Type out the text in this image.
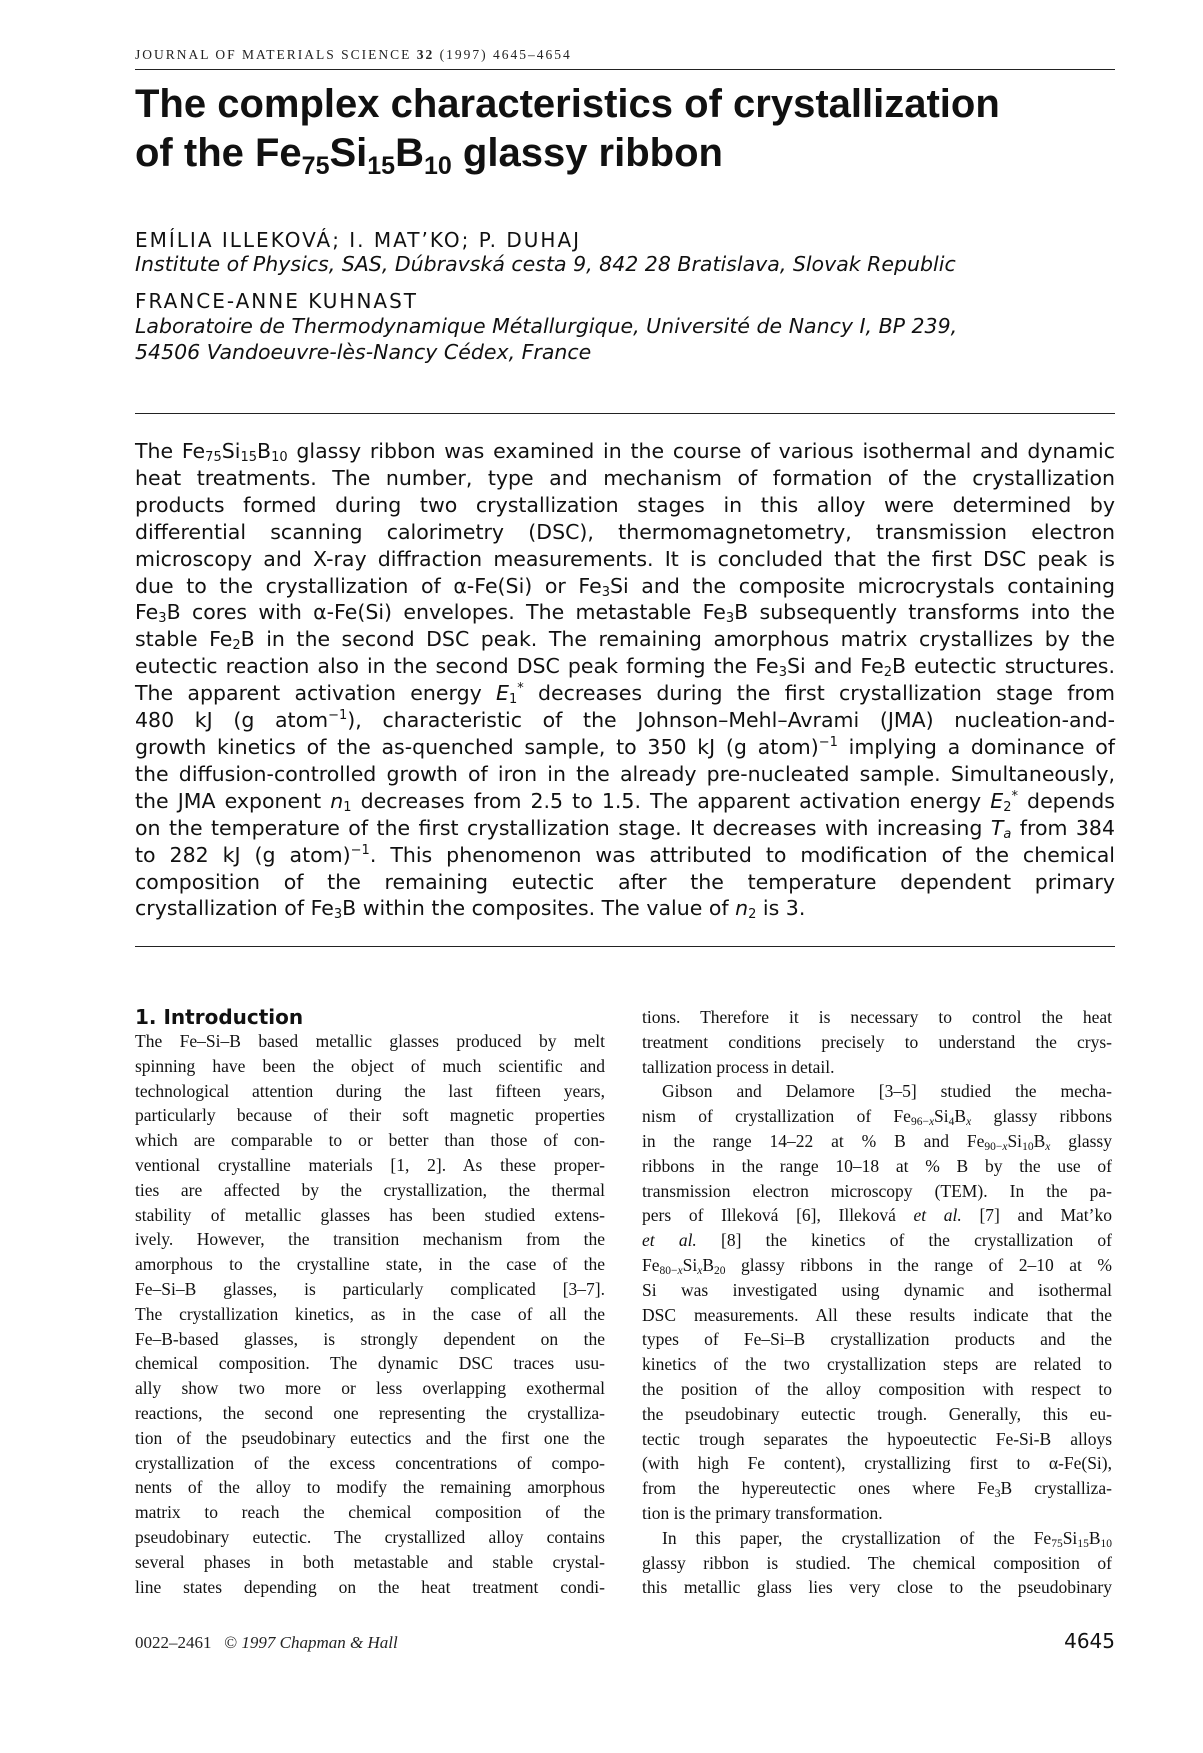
JOURNAL OF MATERIALS SCIENCE 32 (1997) 4645–4654
The complex characteristics of crystallization
of the $Fe_{75}Si_{15}B_{10}$ glassy ribbon
EMÍLIA ILLEKOVÁ; I. MAT’KO; P. DUHAJ
Institute of Physics, SAS, Dúbravská cesta 9, 842 28 Bratislava, Slovak Republic
FRANCE-ANNE KUHNAST
Laboratoire de Thermodynamique Métallurgique, Université de Nancy I, BP 239,
54506 Vandoeuvre-lès-Nancy Cédex, France
The $Fe_{75}Si_{15}B_{10}$ glassy ribbon was examined in the course of various isothermal and dynamic
heat treatments. The number, type and mechanism of formation of the crystallization
products formed during two crystallization stages in this alloy were determined by
differential scanning calorimetry (DSC), thermomagnetometry, transmission electron
microscopy and X-ray diffraction measurements. It is concluded that the first DSC peak is
due to the crystallization of α-Fe(Si) or $Fe_3Si$ and the composite microcrystals containing
$Fe_3B$ cores with α-Fe(Si) envelopes. The metastable $Fe_3B$ subsequently transforms into the
stable $Fe_2B$ in the second DSC peak. The remaining amorphous matrix crystallizes by the
eutectic reaction also in the second DSC peak forming the $Fe_3Si$ and $Fe_2B$ eutectic structures.
The apparent activation energy $E_1^*$ decreases during the first crystallization stage from
480 kJ (g atom$^{-1}$), characteristic of the Johnson–Mehl–Avrami (JMA) nucleation-and-
growth kinetics of the as-quenched sample, to 350 kJ (g atom)$^{-1}$ implying a dominance of
the diffusion-controlled growth of iron in the already pre-nucleated sample. Simultaneously,
the JMA exponent $n_1$ decreases from 2.5 to 1.5. The apparent activation energy $E_2^*$ depends
on the temperature of the first crystallization stage. It decreases with increasing $T_a$ from 384
to 282 kJ (g atom)$^{-1}$. This phenomenon was attributed to modification of the chemical
composition of the remaining eutectic after the temperature dependent primary
crystallization of $Fe_3B$ within the composites. The value of $n_2$ is 3.
1. Introduction
The Fe–Si–B based metallic glasses produced by melt
spinning have been the object of much scientific and
technological attention during the last fifteen years,
particularly because of their soft magnetic properties
which are comparable to or better than those of con-
ventional crystalline materials [1, 2]. As these proper-
ties are affected by the crystallization, the thermal
stability of metallic glasses has been studied extens-
ively. However, the transition mechanism from the
amorphous to the crystalline state, in the case of the
Fe–Si–B glasses, is particularly complicated [3–7].
The crystallization kinetics, as in the case of all the
Fe–B-based glasses, is strongly dependent on the
chemical composition. The dynamic DSC traces usu-
ally show two more or less overlapping exothermal
reactions, the second one representing the crystalliza-
tion of the pseudobinary eutectics and the first one the
crystallization of the excess concentrations of compo-
nents of the alloy to modify the remaining amorphous
matrix to reach the chemical composition of the
pseudobinary eutectic. The crystallized alloy contains
several phases in both metastable and stable crystal-
line states depending on the heat treatment condi-
tions. Therefore it is necessary to control the heat
treatment conditions precisely to understand the crys-
tallization process in detail.
Gibson and Delamore [3–5] studied the mecha-
nism of crystallization of $Fe_{96-x}Si_4B_x$ glassy ribbons
in the range 14–22 at % B and $Fe_{90-x}Si_{10}B_x$ glassy
ribbons in the range 10–18 at % B by the use of
transmission electron microscopy (TEM). In the pa-
pers of Illeková [6], Illeková et al. [7] and Mat’ko
et al. [8] the kinetics of the crystallization of
$Fe_{80-x}Si_xB_{20}$ glassy ribbons in the range of 2–10 at %
Si was investigated using dynamic and isothermal
DSC measurements. All these results indicate that the
types of Fe–Si–B crystallization products and the
kinetics of the two crystallization steps are related to
the position of the alloy composition with respect to
the pseudobinary eutectic trough. Generally, this eu-
tectic trough separates the hypoeutectic Fe-Si-B alloys
(with high Fe content), crystallizing first to α-Fe(Si),
from the hypereutectic ones where $Fe_3B$ crystalliza-
tion is the primary transformation.
In this paper, the crystallization of the $Fe_{75}Si_{15}B_{10}$
glassy ribbon is studied. The chemical composition of
this metallic glass lies very close to the pseudobinary
0022–2461 © 1997 Chapman & Hall	4645
